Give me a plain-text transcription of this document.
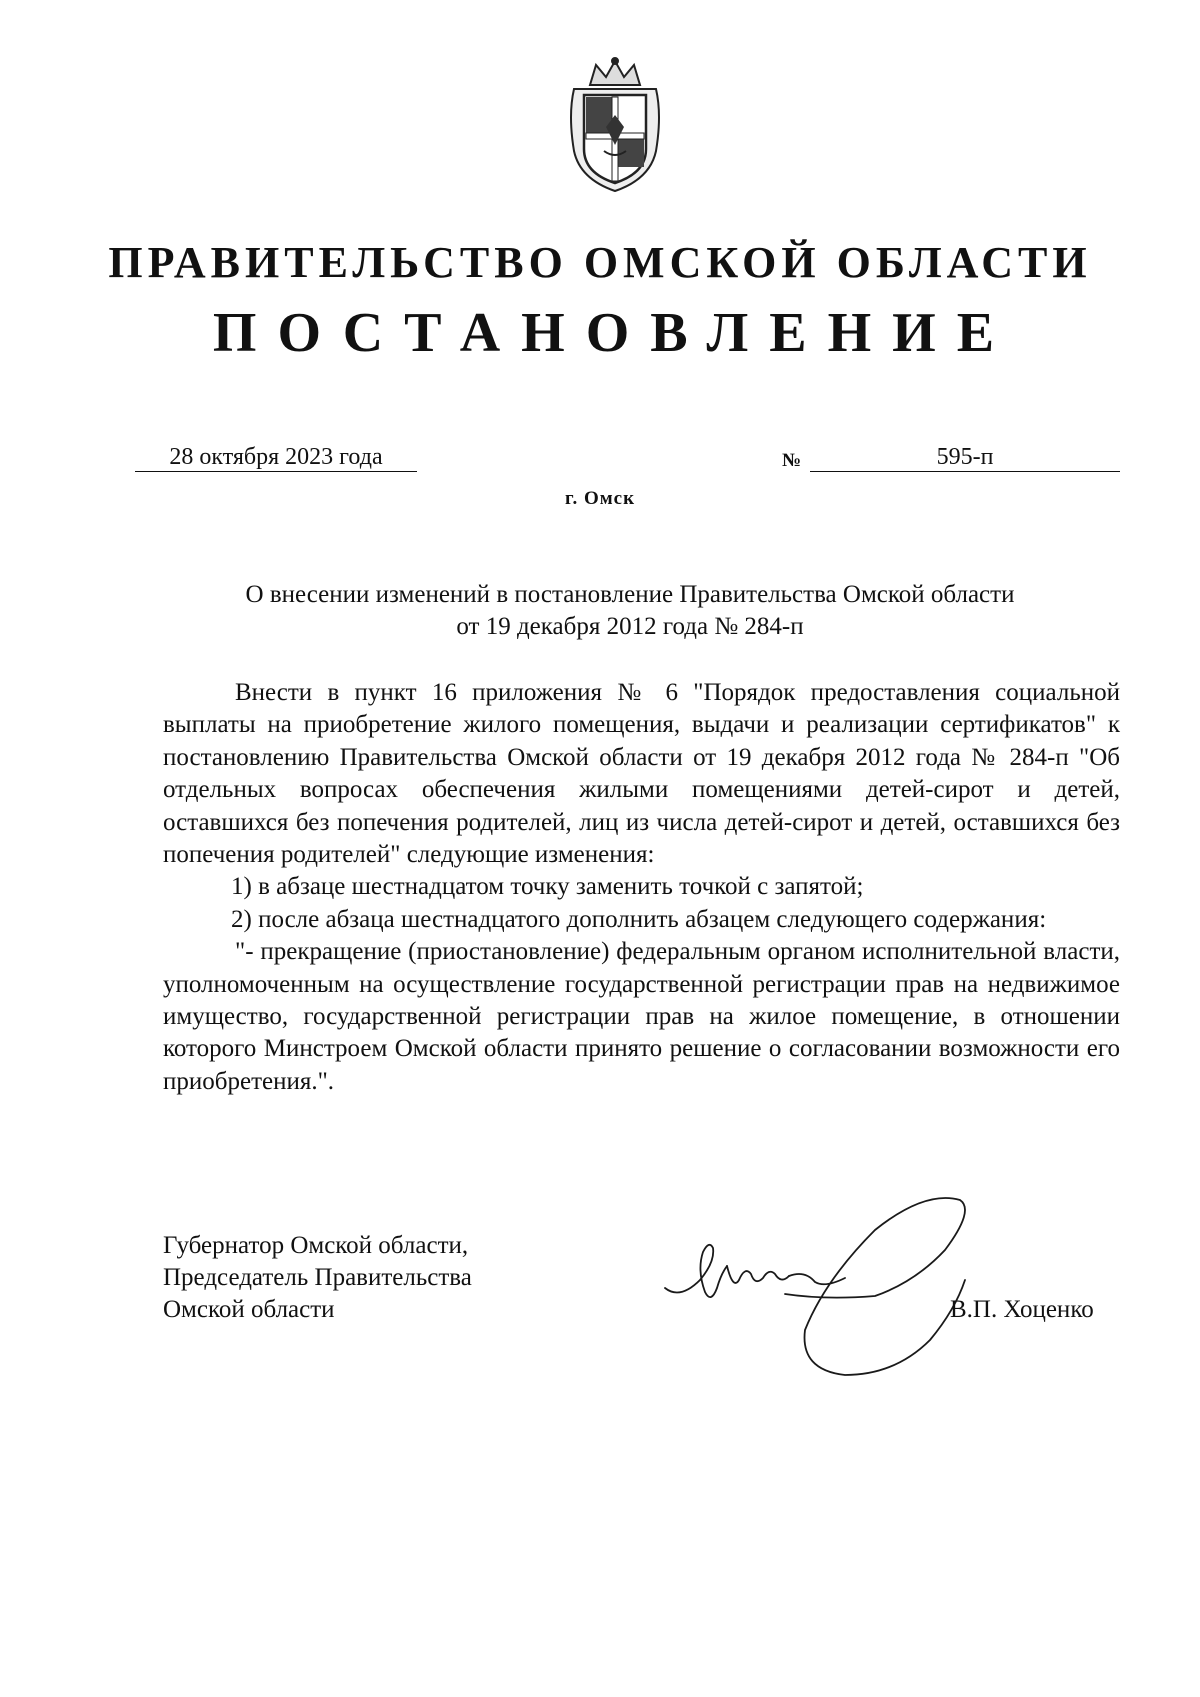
ПРАВИТЕЛЬСТВО ОМСКОЙ ОБЛАСТИ
ПОСТАНОВЛЕНИЕ
28 октября 2023 года	№	595-п
г. Омск
О внесении изменений в постановление Правительства Омской области
от 19 декабря 2012 года № 284-п

Внести в пункт 16 приложения № 6 "Порядок предоставления социальной выплаты на приобретение жилого помещения, выдачи и реализации сертификатов" к постановлению Правительства Омской области от 19 декабря 2012 года № 284-п "Об отдельных вопросах обеспечения жилыми помещениями детей-сирот и детей, оставшихся без попечения родителей, лиц из числа детей-сирот и детей, оставшихся без попечения родителей" следующие изменения:

1) в абзаце шестнадцатом точку заменить точкой с запятой;

2) после абзаца шестнадцатого дополнить абзацем следующего содержания:

"- прекращение (приостановление) федеральным органом исполнительной власти, уполномоченным на осуществление государственной регистрации прав на недвижимое имущество, государственной регистрации прав на жилое помещение, в отношении которого Минстроем Омской области принято решение о согласовании возможности его приобретения.".

Губернатор Омской области,
Председатель Правительства
Омской области	В.П. Хоценко
